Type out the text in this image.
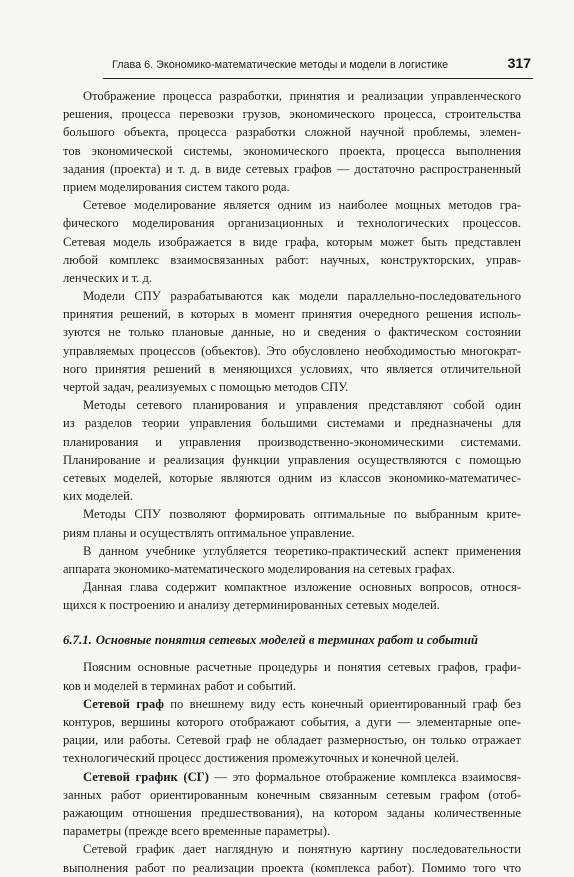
Глава 6. Экономико-математические методы и модели в логистике	317
Отображение процесса разработки, принятия и реализации управленческого
решения, процесса перевозки грузов, экономического процесса, строительства
большого объекта, процесса разработки сложной научной проблемы, элемен-
тов экономической системы, экономического проекта, процесса выполнения
задания (проекта) и т. д. в виде сетевых графов — достаточно распространенный
прием моделирования систем такого рода.
Сетевое моделирование является одним из наиболее мощных методов гра-
фического моделирования организационных и технологических процессов.
Сетевая модель изображается в виде графа, которым может быть представлен
любой комплекс взаимосвязанных работ: научных, конструкторских, управ-
ленческих и т. д.
Модели СПУ разрабатываются как модели параллельно-последовательного
принятия решений, в которых в момент принятия очередного решения исполь-
зуются не только плановые данные, но и сведения о фактическом состоянии
управляемых процессов (объектов). Это обусловлено необходимостью многократ-
ного принятия решений в меняющихся условиях, что является отличительной
чертой задач, реализуемых с помощью методов СПУ.
Методы сетевого планирования и управления представляют собой один
из разделов теории управления большими системами и предназначены для
планирования и управления производственно-экономическими системами.
Планирование и реализация функции управления осуществляются с помощью
сетевых моделей, которые являются одним из классов экономико-математичес-
ких моделей.
Методы СПУ позволяют формировать оптимальные по выбранным крите-
риям планы и осуществлять оптимальное управление.
В данном учебнике углубляется теоретико-практический аспект применения
аппарата экономико-математического моделирования на сетевых графах.
Данная глава содержит компактное изложение основных вопросов, относя-
щихся к построению и анализу детерминированных сетевых моделей.
6.7.1. Основные понятия сетевых моделей в терминах работ и событий
Поясним основные расчетные процедуры и понятия сетевых графов, графи-
ков и моделей в терминах работ и событий.
Сетевой граф по внешнему виду есть конечный ориентированный граф без
контуров, вершины которого отображают события, а дуги — элементарные опе-
рации, или работы. Сетевой граф не обладает размерностью, он только отражает
технологический процесс достижения промежуточных и конечной целей.
Сетевой график (СГ) — это формальное отображение комплекса взаимосвя-
занных работ ориентированным конечным связанным сетевым графом (отоб-
ражающим отношения предшествования), на котором заданы количественные
параметры (прежде всего временные параметры).
Сетевой график дает наглядную и понятную картину последовательности
выполнения работ по реализации проекта (комплекса работ). Помимо того что
